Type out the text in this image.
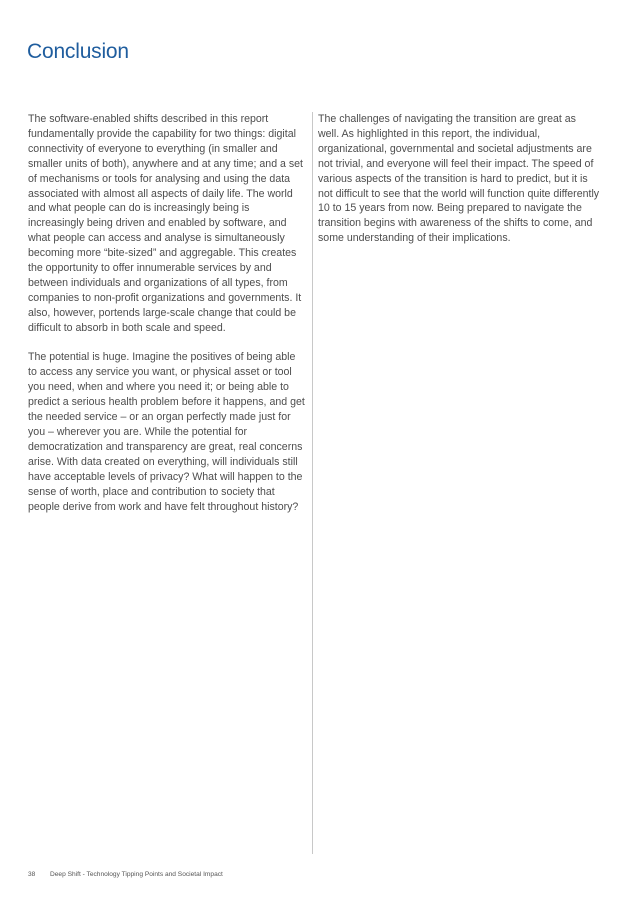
Conclusion

The software-enabled shifts described in this report fundamentally provide the capability for two things: digital connectivity of everyone to everything (in smaller and smaller units of both), anywhere and at any time; and a set of mechanisms or tools for analysing and using the data associated with almost all aspects of daily life. The world and what people can do is increasingly being is increasingly being driven and enabled by software, and what people can access and analyse is simultaneously becoming more “bite-sized” and aggregable. This creates the opportunity to offer innumerable services by and between individuals and organizations of all types, from companies to non-profit organizations and governments. It also, however, portends large-scale change that could be difficult to absorb in both scale and speed.

The potential is huge. Imagine the positives of being able to access any service you want, or physical asset or tool you need, when and where you need it; or being able to predict a serious health problem before it happens, and get the needed service – or an organ perfectly made just for you – wherever you are. While the potential for democratization and transparency are great, real concerns arise. With data created on everything, will individuals still have acceptable levels of privacy? What will happen to the sense of worth, place and contribution to society that people derive from work and have felt throughout history?

The challenges of navigating the transition are great as well. As highlighted in this report, the individual, organizational, governmental and societal adjustments are not trivial, and everyone will feel their impact. The speed of various aspects of the transition is hard to predict, but it is not difficult to see that the world will function quite differently 10 to 15 years from now. Being prepared to navigate the transition begins with awareness of the shifts to come, and some understanding of their implications.

38 Deep Shift - Technology Tipping Points and Societal Impact
